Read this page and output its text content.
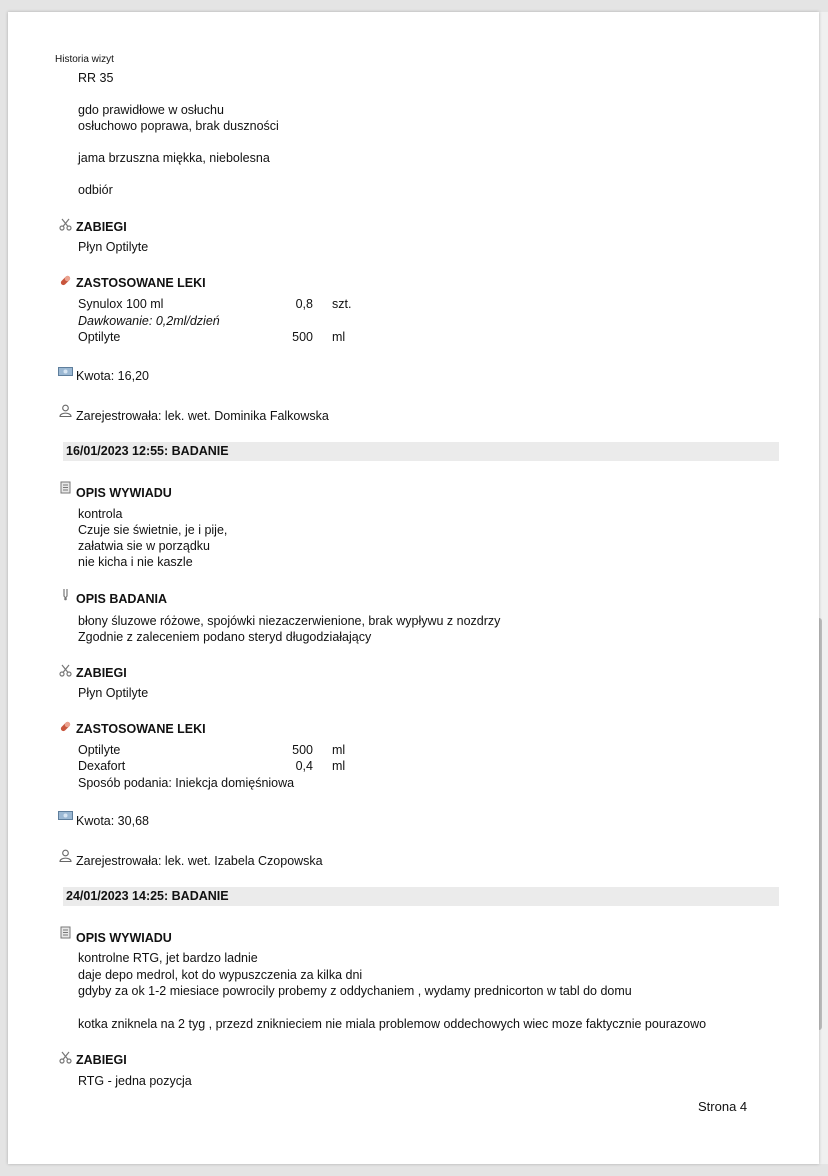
Historia wizyt
RR 35
gdo prawidłowe w osłuchu
osłuchowo poprawa, brak duszności
jama brzuszna miękka, niebolesna
odbiór
ZABIEGI
Płyn Optilyte
ZASTOSOWANE LEKI
Synulox 100 ml	0,8 szt.
Dawkowanie: 0,2ml/dzień
Optilyte	500 ml
Kwota: 16,20
Zarejestrowała: lek. wet. Dominika Falkowska
16/01/2023 12:55: BADANIE
OPIS WYWIADU
kontrola
Czuje sie świetnie, je i pije,
załatwia sie w porządku
nie kicha i nie kaszle
OPIS BADANIA
błony śluzowe różowe, spojówki niezaczerwienione, brak wypływu z nozdrzy
Zgodnie z zaleceniem podano steryd długodziałający
ZABIEGI
Płyn Optilyte
ZASTOSOWANE LEKI
Optilyte	500 ml
Dexafort	0,4 ml
Sposób podania: Iniekcja domięśniowa
Kwota: 30,68
Zarejestrowała: lek. wet. Izabela Czopowska
24/01/2023 14:25: BADANIE
OPIS WYWIADU
kontrolne RTG, jet bardzo ladnie
daje depo medrol, kot do wypuszczenia za kilka dni
gdyby za ok 1-2 miesiace powrocily probemy z oddychaniem , wydamy prednicorton w tabl do domu
kotka zniknela na 2 tyg , przezd zniknieciem nie miala problemow oddechowych wiec moze faktycznie pourazowo
ZABIEGI
RTG - jedna pozycja
Strona 4
